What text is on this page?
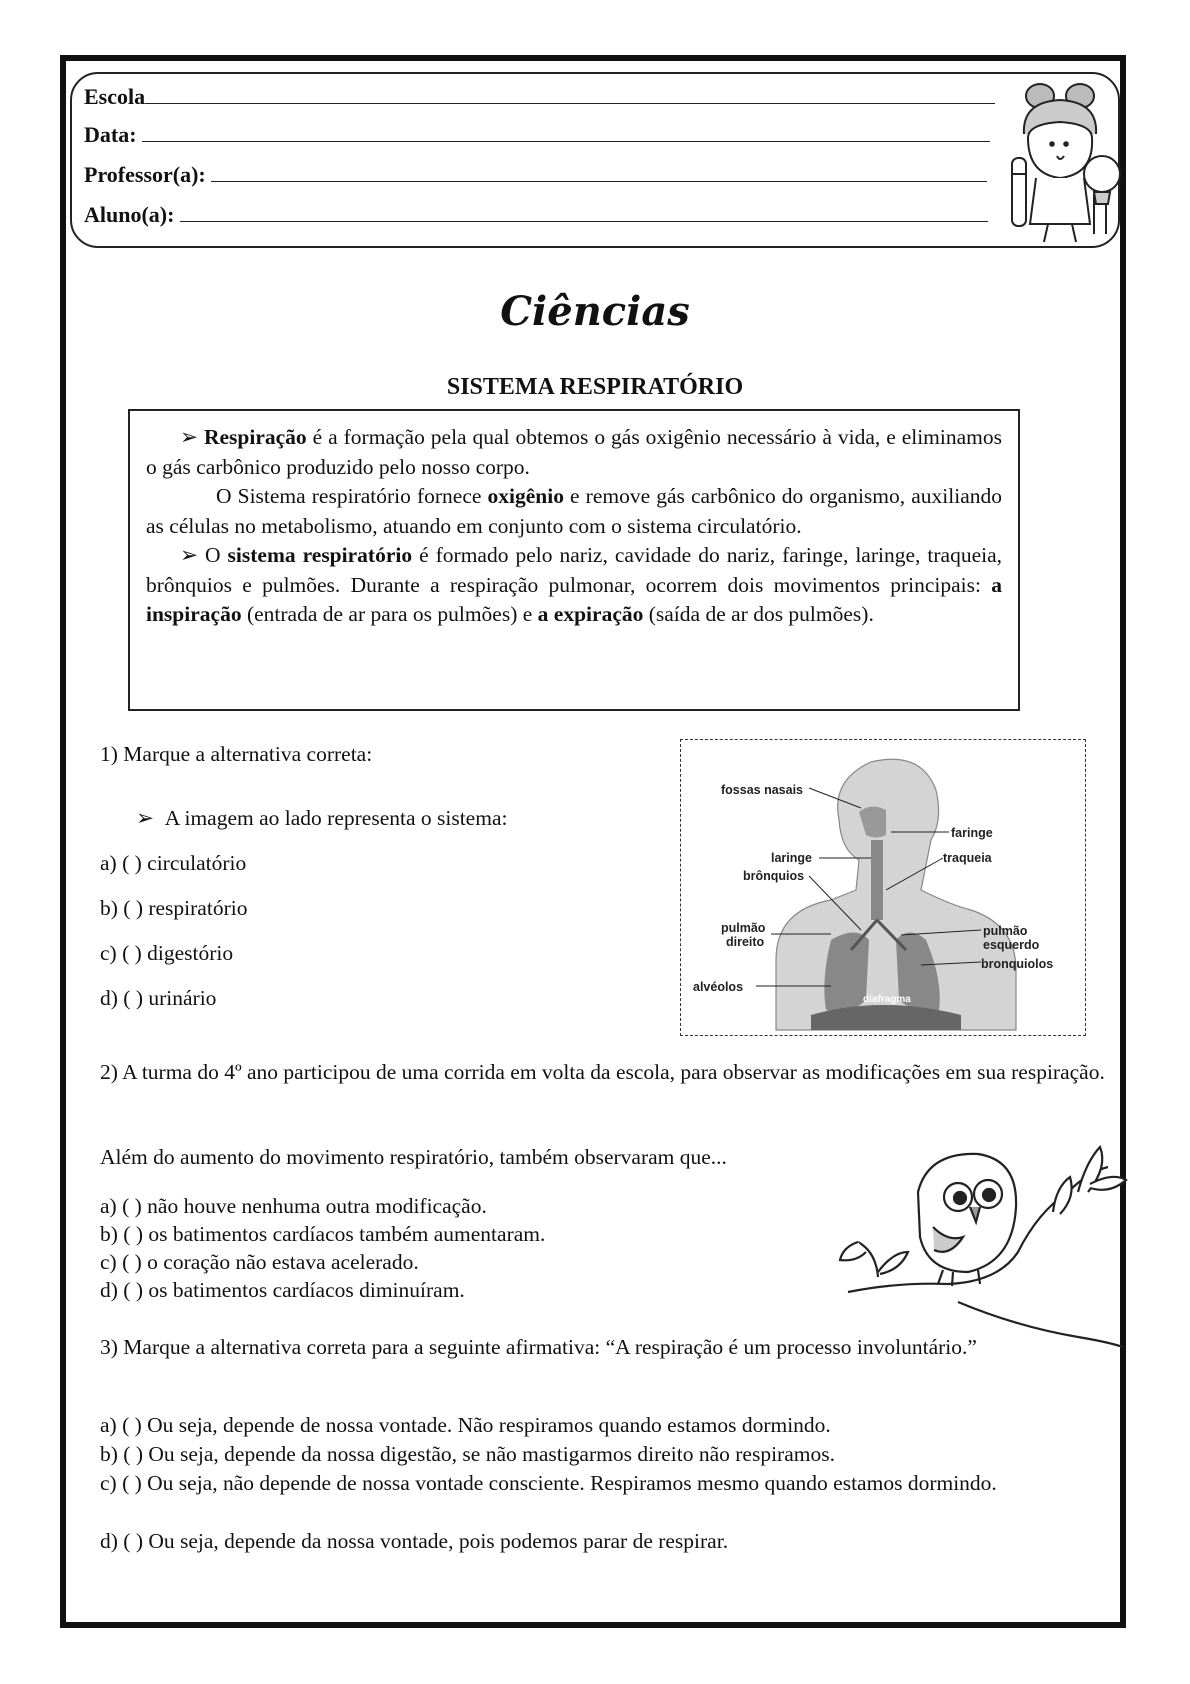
Escola
Data:
Professor(a):
Aluno(a):
Ciências
SISTEMA RESPIRATÓRIO

➢ Respiração é a formação pela qual obtemos o gás oxigênio necessário à vida, e eliminamos o gás carbônico produzido pelo nosso corpo.

O Sistema respiratório fornece oxigênio e remove gás carbônico do organismo, auxiliando as células no metabolismo, atuando em conjunto com o sistema circulatório.

➢ O sistema respiratório é formado pelo nariz, cavidade do nariz, faringe, laringe, traqueia, brônquios e pulmões. Durante a respiração pulmonar, ocorrem dois movimentos principais: a inspiração (entrada de ar para os pulmões) e a expiração (saída de ar dos pulmões).

1) Marque a alternativa correta:
➢ A imagem ao lado representa o sistema:
a) ( ) circulatório
b) ( ) respiratório
c) ( ) digestório
d) ( ) urinário
fossas nasais
faringe
laringe	traqueia
brônquios
pulmão
direito
pulmão
esquerdo
bronquiolos
alvéolos
diafragma
2) A turma do 4º ano participou de uma corrida em volta da escola, para observar as modificações em sua respiração.
Além do aumento do movimento respiratório, também observaram que...
a) ( ) não houve nenhuma outra modificação.
b) ( ) os batimentos cardíacos também aumentaram.
c) ( ) o coração não estava acelerado.
d) ( ) os batimentos cardíacos diminuíram.
3) Marque a alternativa correta para a seguinte afirmativa: “A respiração é um processo involuntário.”
a) ( ) Ou seja, depende de nossa vontade. Não respiramos quando estamos dormindo.
b) ( ) Ou seja, depende da nossa digestão, se não mastigarmos direito não respiramos.
c) ( ) Ou seja, não depende de nossa vontade consciente. Respiramos mesmo quando estamos dormindo.
d) ( ) Ou seja, depende da nossa vontade, pois podemos parar de respirar.
